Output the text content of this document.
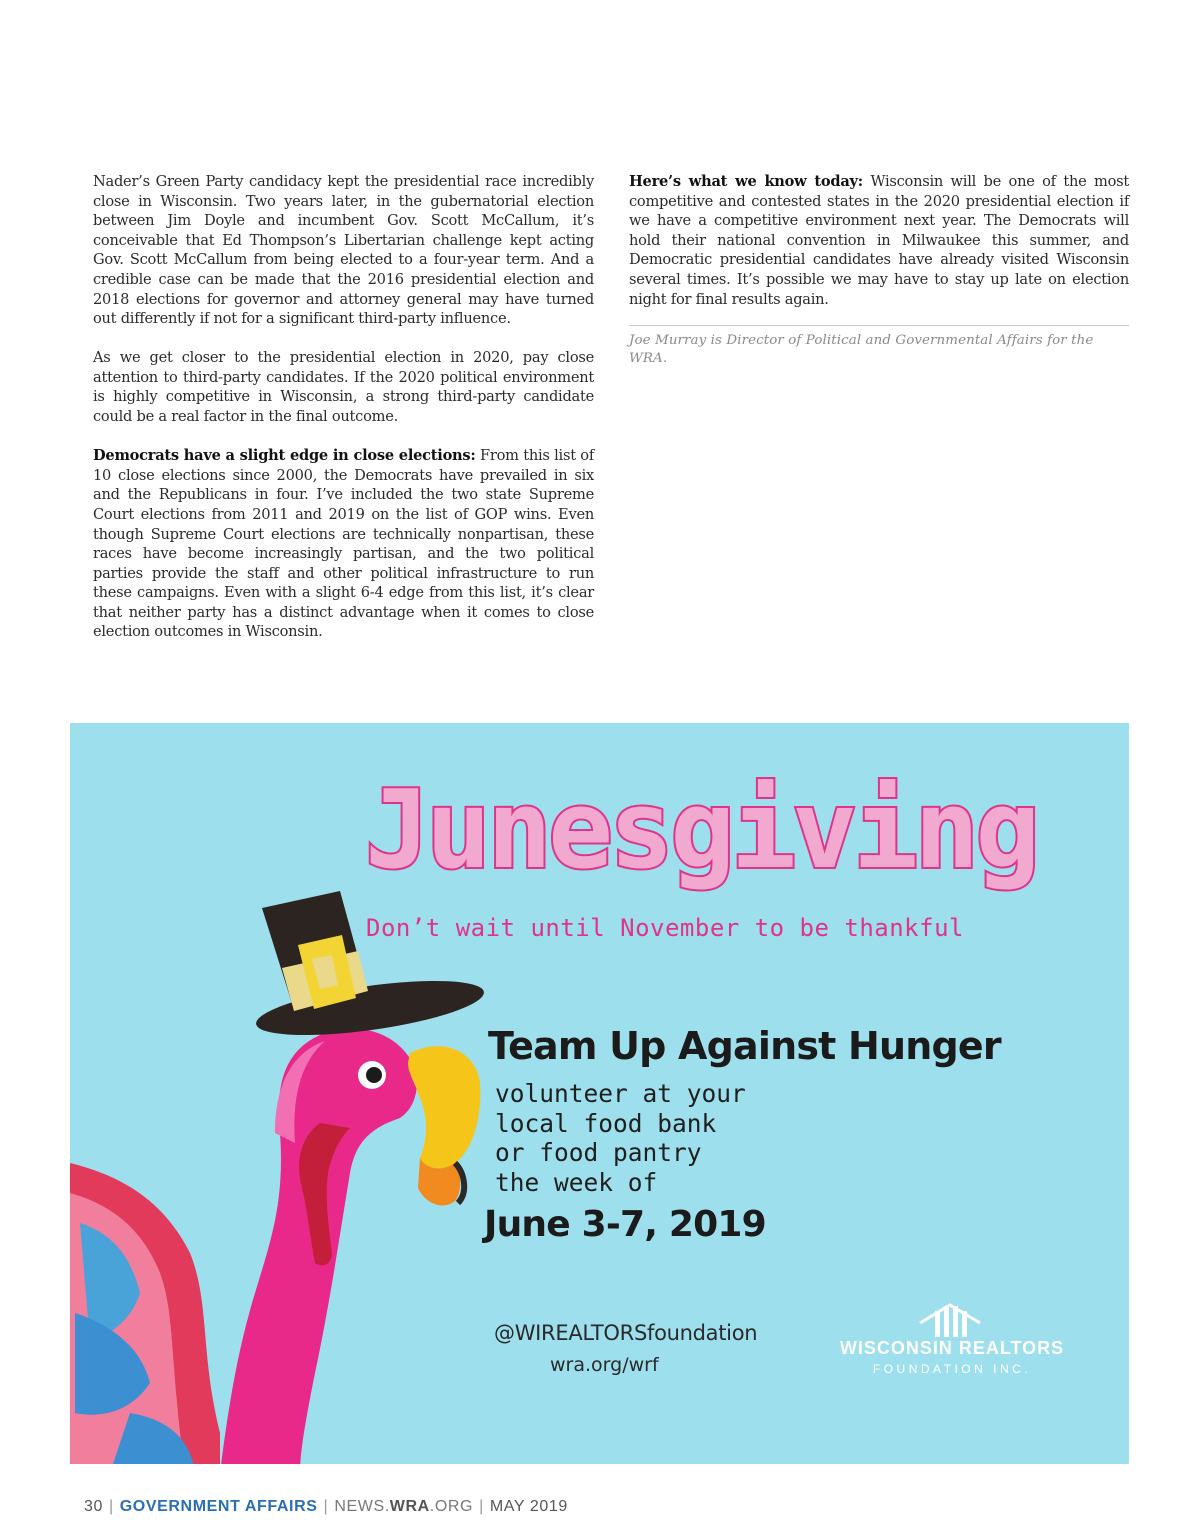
Nader’s Green Party candidacy kept the presidential race incredibly close in Wisconsin. Two years later, in the gubernatorial election between Jim Doyle and incumbent Gov. Scott McCallum, it’s conceivable that Ed Thompson’s Libertarian challenge kept acting Gov. Scott McCallum from being elected to a four-year term. And a credible case can be made that the 2016 presidential election and 2018 elections for governor and attorney general may have turned out differently if not for a significant third-party influence.

As we get closer to the presidential election in 2020, pay close attention to third-party candidates. If the 2020 political environment is highly competitive in Wisconsin, a strong third-party candidate could be a real factor in the final outcome.

Democrats have a slight edge in close elections: From this list of 10 close elections since 2000, the Democrats have prevailed in six and the Republicans in four. I’ve included the two state Supreme Court elections from 2011 and 2019 on the list of GOP wins. Even though Supreme Court elections are technically nonpartisan, these races have become increasingly partisan, and the two political parties provide the staff and other political infrastructure to run these campaigns. Even with a slight 6-4 edge from this list, it’s clear that neither party has a distinct advantage when it comes to close election outcomes in Wisconsin.

Here’s what we know today: Wisconsin will be one of the most competitive and contested states in the 2020 presidential election if we have a competitive environment next year. The Democrats will hold their national convention in Milwaukee this summer, and Democratic presidential candidates have already visited Wisconsin several times. It’s possible we may have to stay up late on election night for final results again.

Joe Murray is Director of Political and Governmental Affairs for the WRA.
Junesgiving

Don’t wait until November to be thankful

Team Up Against Hunger
volunteer at your
local food bank
or food pantry
the week of
June 3-7, 2019
@WIREALTORSfoundation
wra.org/wrf
WISCONSIN REALTORS
FOUNDATION INC.
30 | GOVERNMENT AFFAIRS | NEWS.WRA.ORG | MAY 2019
